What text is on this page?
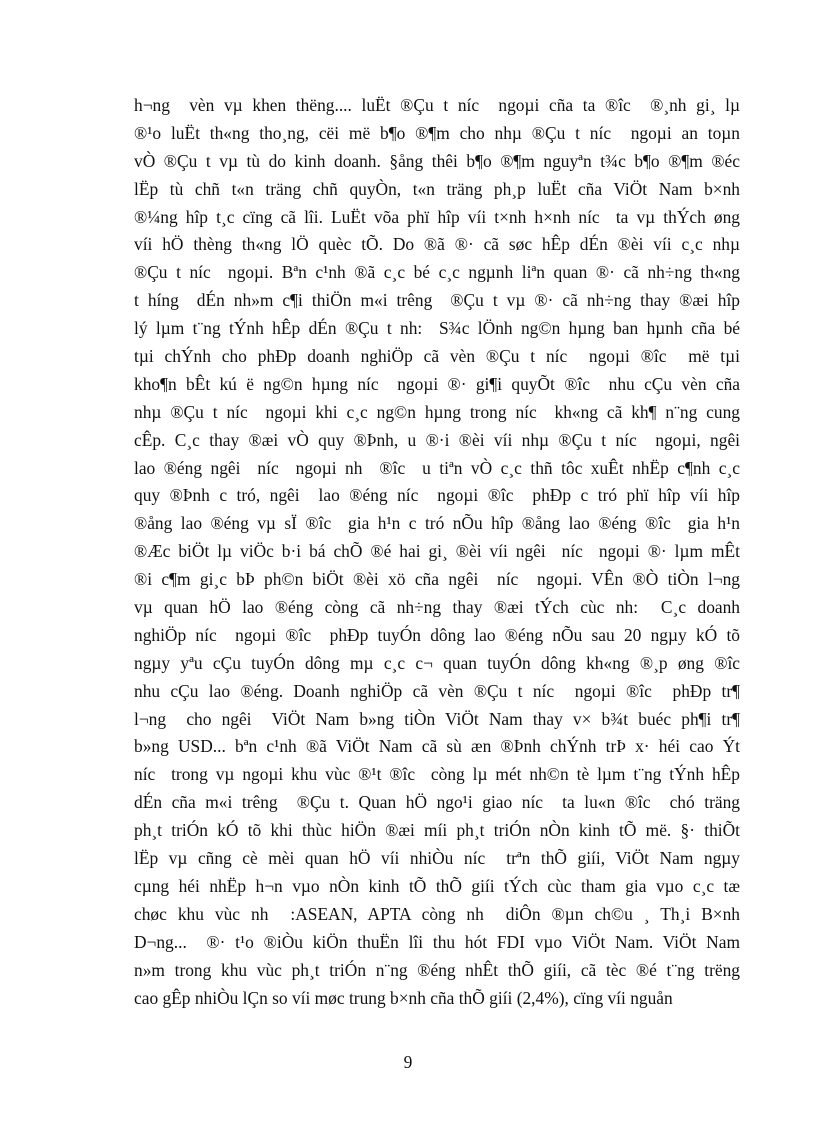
h¬ng  vèn vµ khen thëng.... luËt ®Çu t níc  ngoµi cña ta ®îc  ®¸nh gi¸ lµ
®¹o luËt th«ng tho¸ng, cëi më b¶o ®¶m cho nhµ ®Çu t níc  ngoµi an toµn
vÒ ®Çu t vµ tù do kinh doanh. §ång thêi b¶o ®¶m nguyªn t¾c b¶o ®¶m ®éc
lËp tù chñ t«n träng chñ quyÒn, t«n träng ph¸p luËt cña ViÖt Nam b×nh
®¼ng hîp t¸c cïng cã lîi. LuËt võa phï hîp víi t×nh h×nh níc  ta vµ thÝch øng
víi hÖ thèng th«ng lÖ quèc tÕ. Do ®ã ®· cã søc hÊp dÉn ®èi víi c¸c nhµ
®Çu t níc  ngoµi. Bªn c¹nh ®ã c¸c bé c¸c ngµnh liªn quan ®· cã nh÷ng th«ng
t híng  dÉn nh»m c¶i thiÖn m«i trêng  ®Çu t vµ ®· cã nh÷ng thay ®æi hîp
lý lµm t¨ng tÝnh hÊp dÉn ®Çu t nh:  S¾c lÖnh ng©n hµng ban hµnh cña bé
tµi chÝnh cho phÐp doanh nghiÖp cã vèn ®Çu t níc  ngoµi ®îc  më tµi
kho¶n bÊt kú ë ng©n hµng níc  ngoµi ®· gi¶i quyÕt ®îc  nhu cÇu vèn cña
nhµ ®Çu t níc  ngoµi khi c¸c ng©n hµng trong níc  kh«ng cã kh¶ n¨ng cung
cÊp. C¸c thay ®æi vÒ quy ®Þnh, u ®·i ®èi víi nhµ ®Çu t níc  ngoµi, ngêi
lao ®éng ngêi  níc  ngoµi nh  ®îc  u tiªn vÒ c¸c thñ tôc xuÊt nhËp c¶nh c¸c
quy ®Þnh c tró, ngêi  lao ®éng níc  ngoµi ®îc  phÐp c tró phï hîp víi hîp
®ång lao ®éng vµ sÏ ®îc  gia h¹n c tró nÕu hîp ®ång lao ®éng ®îc  gia h¹n
®Æc biÖt lµ viÖc b·i bá chÕ ®é hai gi¸ ®èi víi ngêi  níc  ngoµi ®· lµm mÊt
®i c¶m gi¸c bÞ ph©n biÖt ®èi xö cña ngêi  níc  ngoµi. VÊn ®Ò tiÒn l¬ng
vµ quan hÖ lao ®éng còng cã nh÷ng thay ®æi tÝch cùc nh:  C¸c doanh
nghiÖp níc  ngoµi ®îc  phÐp tuyÓn dông lao ®éng nÕu sau 20 ngµy kÓ tõ
ngµy yªu cÇu tuyÓn dông mµ c¸c c¬ quan tuyÓn dông kh«ng ®¸p øng ®îc
nhu cÇu lao ®éng. Doanh nghiÖp cã vèn ®Çu t níc  ngoµi ®îc  phÐp tr¶
l¬ng  cho ngêi  ViÖt Nam b»ng tiÒn ViÖt Nam thay v× b¾t buéc ph¶i tr¶
b»ng USD... bªn c¹nh ®ã ViÖt Nam cã sù æn ®Þnh chÝnh trÞ x· héi cao Ýt
níc  trong vµ ngoµi khu vùc ®¹t ®îc  còng lµ mét nh©n tè lµm t¨ng tÝnh hÊp
dÉn cña m«i trêng  ®Çu t. Quan hÖ ngo¹i giao níc  ta lu«n ®îc  chó träng
ph¸t triÓn kÓ tõ khi thùc hiÖn ®æi míi ph¸t triÓn nÒn kinh tÕ më. §· thiÕt
lËp vµ cñng cè mèi quan hÖ víi nhiÒu níc  trªn thÕ giíi, ViÖt Nam ngµy
cµng héi nhËp h¬n vµo nÒn kinh tÕ thÕ giíi tÝch cùc tham gia vµo c¸c tæ
chøc khu vùc nh  :ASEAN, APTA còng nh  diÔn ®µn ch©u ¸ Th¸i B×nh
D¬ng...  ®· t¹o ®iÒu kiÖn thuËn lîi thu hót FDI vµo ViÖt Nam. ViÖt Nam
n»m trong khu vùc ph¸t triÓn n¨ng ®éng nhÊt thÕ giíi, cã tèc ®é t¨ng trëng
cao gÊp nhiÒu lÇn so víi møc trung b×nh cña thÕ giíi (2,4%), cïng víi nguån
9
